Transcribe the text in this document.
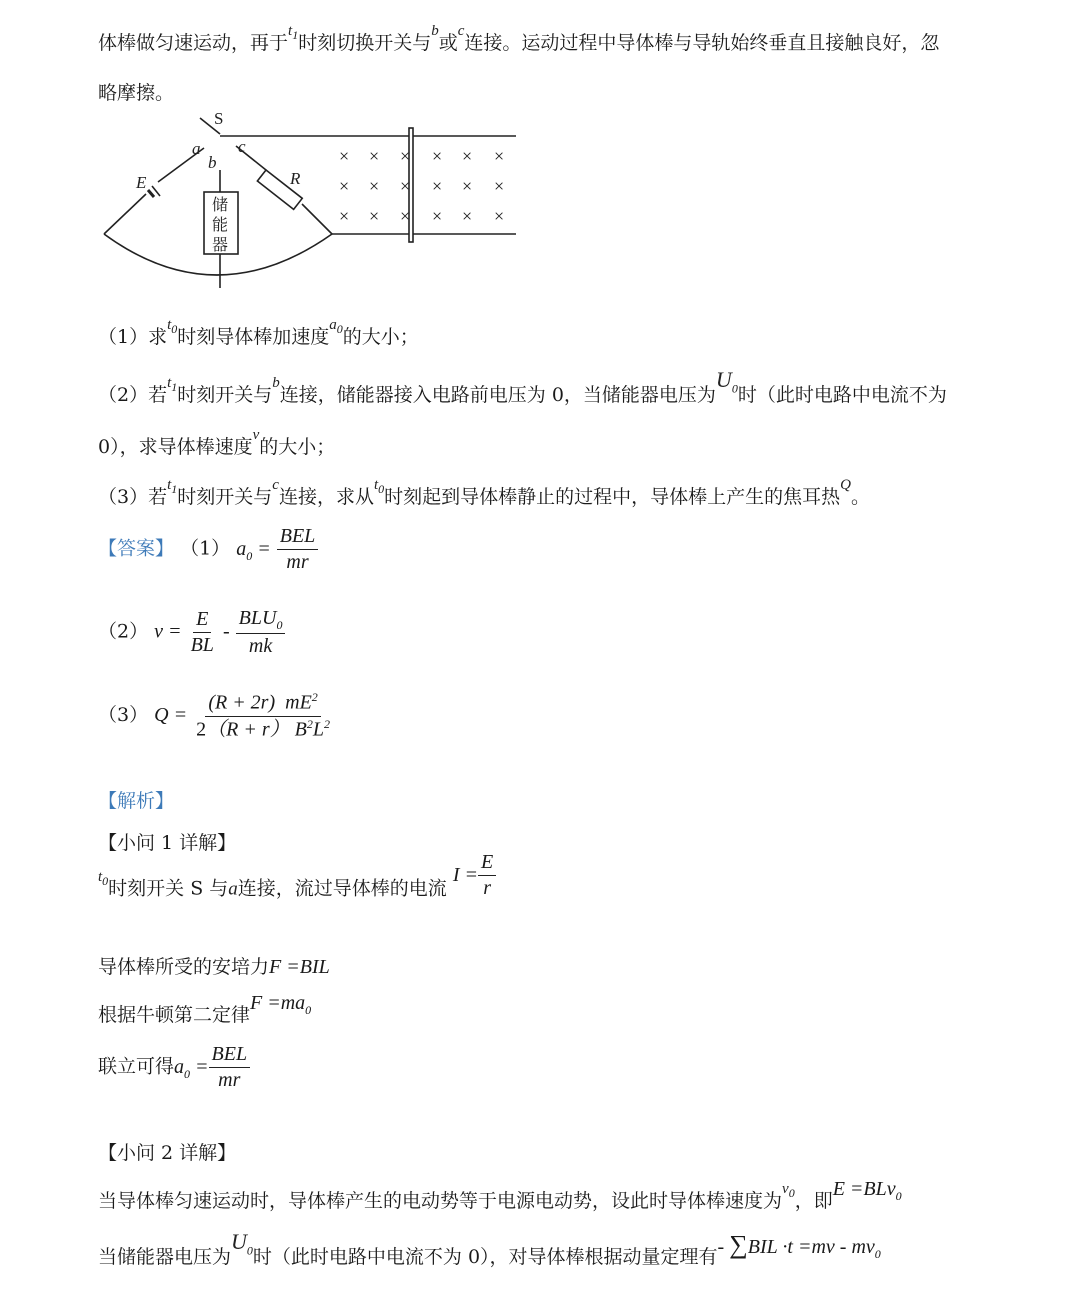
体棒做匀速运动，再于$^{t_1}$时刻切换开关与$^b$或$^c$连接。运动过程中导体棒与导轨始终垂直且接触良好，忽
略摩擦。
S
a
b
c
E	R
储
能
器
× × × × × ×
× × × × × ×
× × × × × ×
（1）求$^{t_0}$时刻导体棒加速度$^{a_0}$的大小；
（2）若$^{t_1}$时刻开关与$^b$连接，储能器接入电路前电压为 0，当储能器电压为$U_0$时（此时电路中电流不为
0），求导体棒速度$^v$的大小；
（3）若$^{t_1}$时刻开关与$^c$连接，求从$^{t_0}$时刻起到导体棒静止的过程中，导体棒上产生的焦耳热$^Q$。
【答案】 （1） $a_0 = \frac{\text{BEL}}{mr}$
（2） $v = \frac{E}{BL} - \frac{BLU_0}{mk}$
（3） $Q = \frac{(R + 2r) mE^2}{2(R + r) B^2L^2}$
【解析】
【小问 1 详解】
$^{t_0}$时刻开关 S 与a连接，流过导体棒的电流 $I = \frac{E}{r}$
导体棒所受的安培力F =BIL
根据牛顿第二定律$F =ma_0$
联立可得$a_0 = \frac{\text{BEL}}{mr}$
【小问 2 详解】
当导体棒匀速运动时，导体棒产生的电动势等于电源电动势，设此时导体棒速度为$^{v_0}$，即E =BLv$_0$
当储能器电压为$U_0$时（此时电路中电流不为 0），对导体棒根据动量定理有- $\sum BIL \cdot t =mv - mv_0$
